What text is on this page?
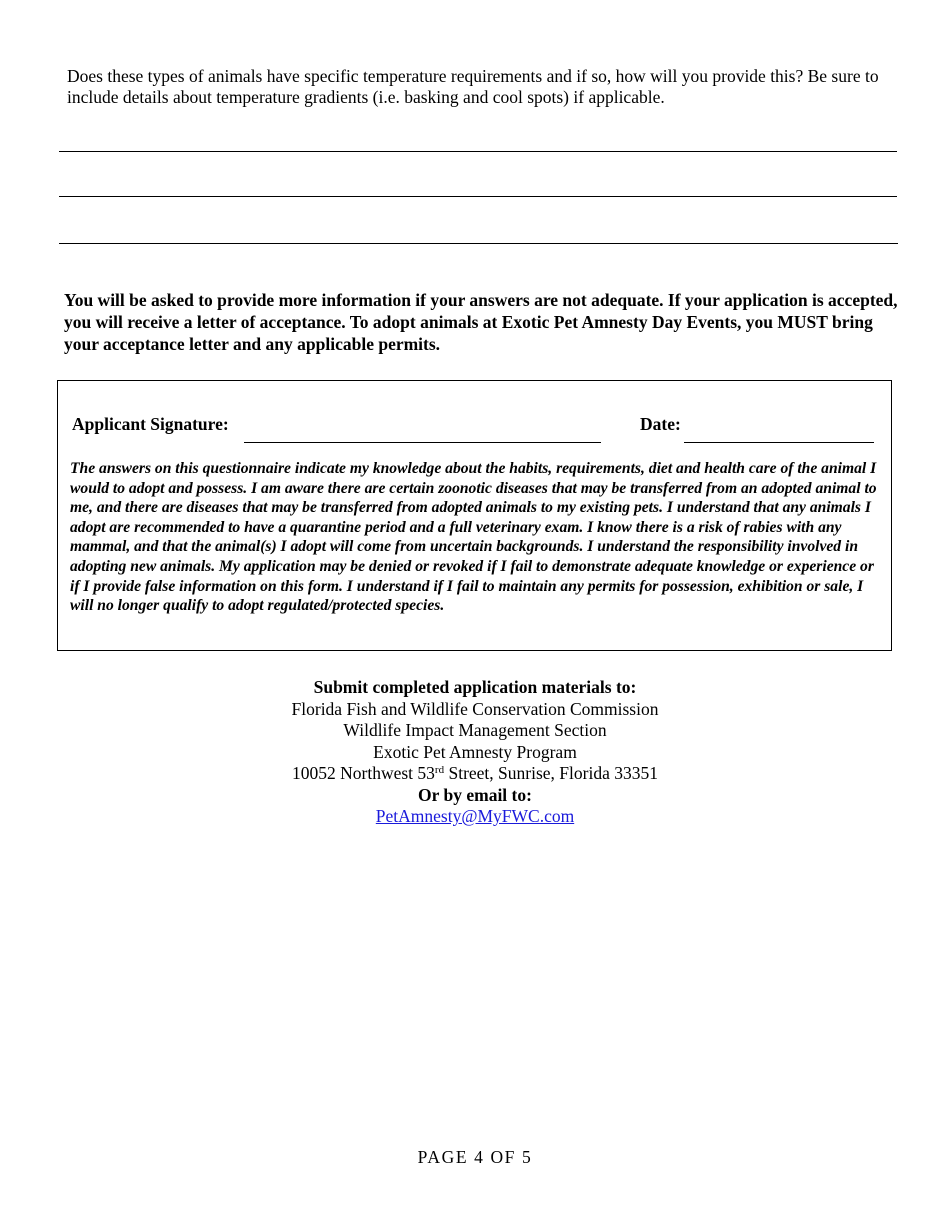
Does these types of animals have specific temperature requirements and if so, how will you provide this? Be sure to include details about temperature gradients (i.e. basking and cool spots) if applicable.
You will be asked to provide more information if your answers are not adequate. If your application is accepted, you will receive a letter of acceptance. To adopt animals at Exotic Pet Amnesty Day Events, you MUST bring your acceptance letter and any applicable permits.
Applicant Signature:	Date:
The answers on this questionnaire indicate my knowledge about the habits, requirements, diet and health care of the animal I would to adopt and possess. I am aware there are certain zoonotic diseases that may be transferred from an adopted animal to me, and there are diseases that may be transferred from adopted animals to my existing pets. I understand that any animals I adopt are recommended to have a quarantine period and a full veterinary exam. I know there is a risk of rabies with any mammal, and that the animal(s) I adopt will come from uncertain backgrounds. I understand the responsibility involved in adopting new animals. My application may be denied or revoked if I fail to demonstrate adequate knowledge or experience or if I provide false information on this form. I understand if I fail to maintain any permits for possession, exhibition or sale, I will no longer qualify to adopt regulated/protected species.
Submit completed application materials to:
Florida Fish and Wildlife Conservation Commission
Wildlife Impact Management Section
Exotic Pet Amnesty Program
10052 Northwest 53rd Street, Sunrise, Florida 33351
Or by email to:
PetAmnesty@MyFWC.com
PAGE 4 OF 5
